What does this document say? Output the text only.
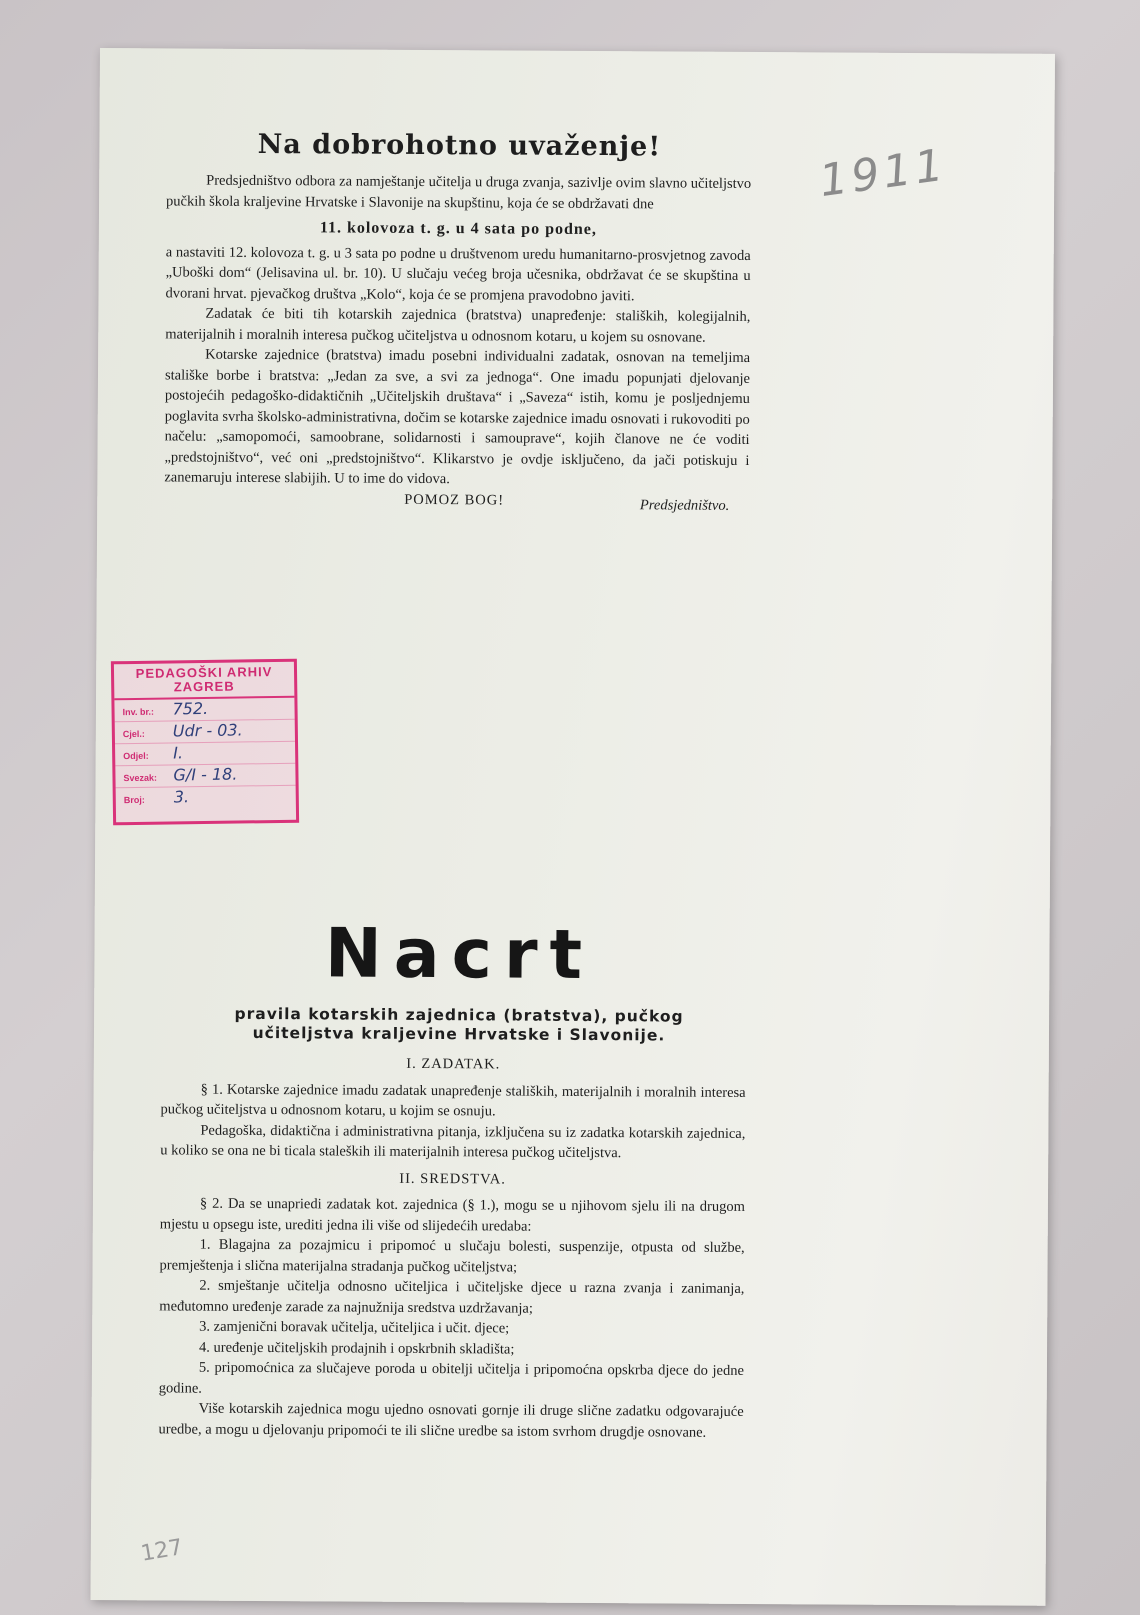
1911
Na dobrohotno uvaženje!

Predsjedništvo odbora za namještanje učitelja u druga zvanja, sazivlje ovim slavno učiteljstvo pučkih škola kraljevine Hrvatske i Slavonije na skupštinu, koja će se obdržavati dne

11. kolovoza t. g. u 4 sata po podne,

a nastaviti 12. kolovoza t. g. u 3 sata po podne u društvenom uredu humanitarno-prosvjetnog zavoda „Uboški dom“ (Jelisavina ul. br. 10). U slučaju većeg broja učesnika, obdržavat će se skupština u dvorani hrvat. pjevačkog društva „Kolo“, koja će se promjena pravodobno javiti.

Zadatak će biti tih kotarskih zajednica (bratstva) unapređenje: staliških, kolegijalnih, materijalnih i moralnih interesa pučkog učiteljstva u odnosnom kotaru, u kojem su osnovane.

Kotarske zajednice (bratstva) imadu posebni individualni zadatak, osnovan na temeljima stališke borbe i bratstva: „Jedan za sve, a svi za jednoga“. One imadu popunjati djelovanje postojećih pedagoško-didaktičnih „Učiteljskih društava“ i „Saveza“ istih, komu je posljednjemu poglavita svrha školsko-administrativna, dočim se kotarske zajednice imadu osnovati i rukovoditi po načelu: „samopomoći, samoobrane, solidarnosti i samouprave“, kojih članove ne će voditi „predstojništvo“, već oni „predstojništvo“. Klikarstvo je ovdje isključeno, da jači potiskuju i zanemaruju interese slabijih. U to ime do vidova.

POMOZ BOG!	Predsjedništvo.
Nacrt
pravila kotarskih zajednica (bratstva), pučkog
učiteljstva kraljevine Hrvatske i Slavonije.
I. ZADATAK.

§ 1. Kotarske zajednice imadu zadatak unapređenje staliških, materijalnih i moralnih interesa pučkog učiteljstva u odnosnom kotaru, u kojim se osnuju.

Pedagoška, didaktična i administrativna pitanja, izključena su iz zadatka kotarskih zajednica, u koliko se ona ne bi ticala staleških ili materijalnih interesa pučkog učiteljstva.

II. SREDSTVA.

§ 2. Da se unapriedi zadatak kot. zajednica (§ 1.), mogu se u njihovom sjelu ili na drugom mjestu u opsegu iste, urediti jedna ili više od slijedećih uredaba:

1. Blagajna za pozajmicu i pripomoć u slučaju bolesti, suspenzije, otpusta od službe, premještenja i slična materijalna stradanja pučkog učiteljstva;

2. smještanje učitelja odnosno učiteljica i učiteljske djece u razna zvanja i zanimanja, međutomno uređenje zarade za najnužnija sredstva uzdržavanja;

3. zamjenični boravak učitelja, učiteljica i učit. djece;

4. uređenje učiteljskih prodajnih i opskrbnih skladišta;

5. pripomoćnica za slučajeve poroda u obitelji učitelja i pripomoćna opskrba djece do jedne godine.

Više kotarskih zajednica mogu ujedno osnovati gornje ili druge slične zadatku odgovarajuće uredbe, a mogu u djelovanju pripomoći te ili slične uredbe sa istom svrhom drugdje osnovane.

127
PEDAGOŠKI ARHIV
ZAGREB
Inv. br.: 752.
Cjel.: Udr - 03.
Odjel: I.
Svezak: G/I - 18.
Broj: 3.
